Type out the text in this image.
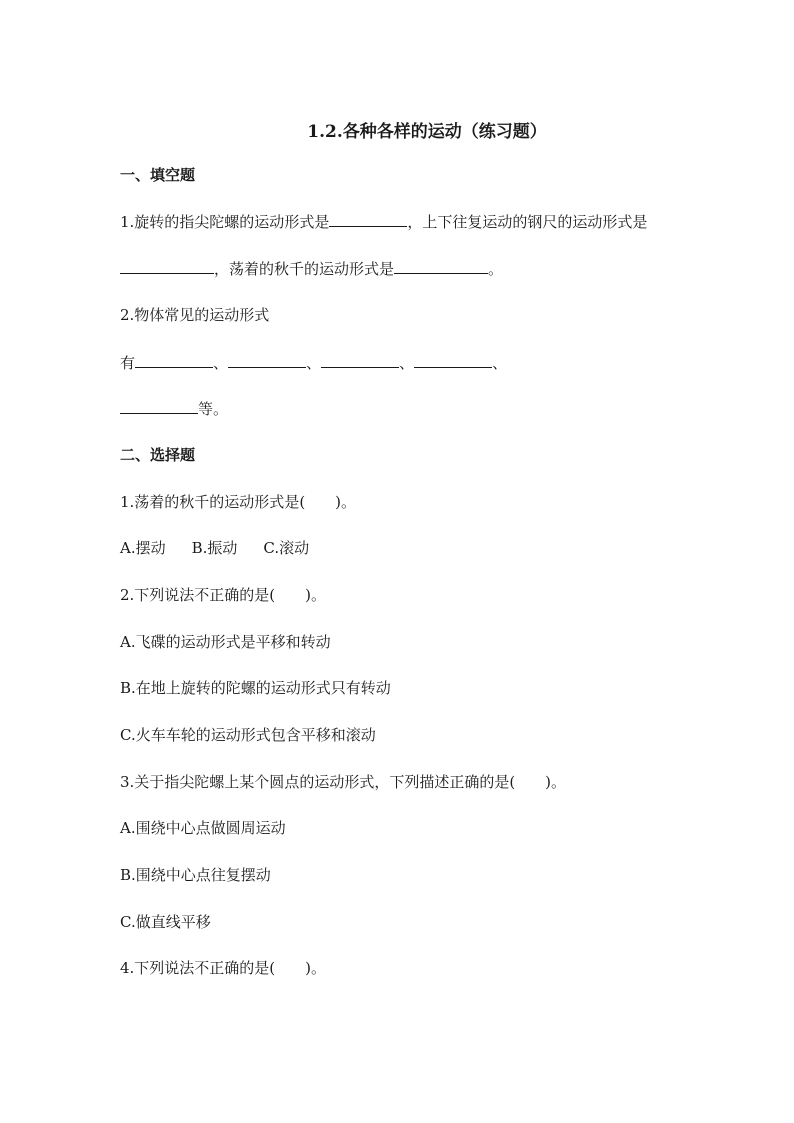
1.2.各种各样的运动（练习题）
一、填空题
1.旋转的指尖陀螺的运动形式是	，上下往复运动的钢尺的运动形式是
，荡着的秋千的运动形式是	。
2.物体常见的运动形式
有	、	、	、	、
等。
二、选择题
1.荡着的秋千的运动形式是( )。
A.摆动 B.振动 C.滚动
2.下列说法不正确的是( )。
A.飞碟的运动形式是平移和转动
B.在地上旋转的陀螺的运动形式只有转动
C.火车车轮的运动形式包含平移和滚动
3.关于指尖陀螺上某个圆点的运动形式，下列描述正确的是( )。
A.围绕中心点做圆周运动
B.围绕中心点往复摆动
C.做直线平移
4.下列说法不正确的是( )。
